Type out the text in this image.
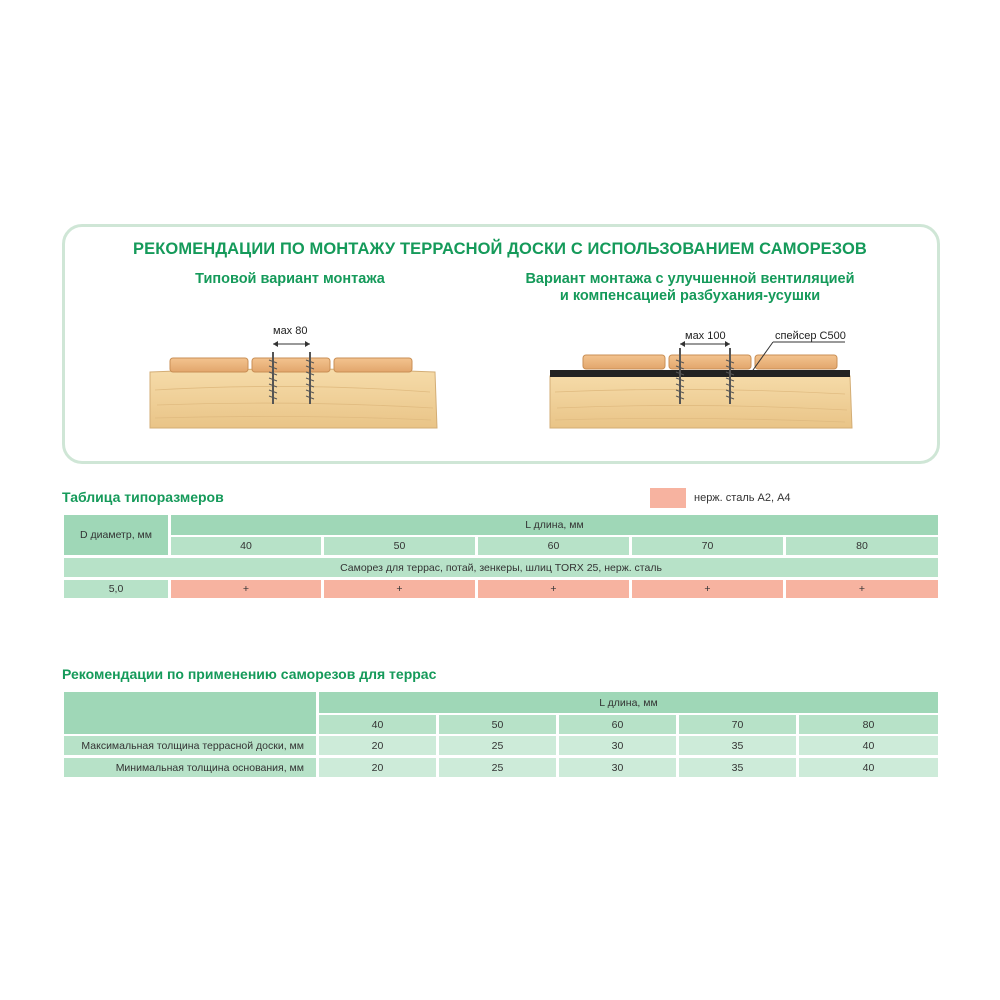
РЕКОМЕНДАЦИИ ПО МОНТАЖУ ТЕРРАСНОЙ ДОСКИ С ИСПОЛЬЗОВАНИЕМ САМОРЕЗОВ
Типовой вариант монтажа	Вариант монтажа с улучшенной вентиляцией
и компенсацией разбухания-усушки
мах 80	мах 100	спейсер С500
Таблица типоразмеров	нерж. сталь А2, А4
D диаметр, мм
L длина, мм
40	50	60	70	80
Саморез для террас, потай, зенкеры, шлиц TORX 25, нерж. сталь
5,0	+	+	+	+	+
Рекомендации по применению саморезов для террас
L длина, мм
40	50	60	70	80
Максимальная толщина террасной доски, мм	20	25	30	35	40
Минимальная толщина основания, мм	20	25	30	35	40
